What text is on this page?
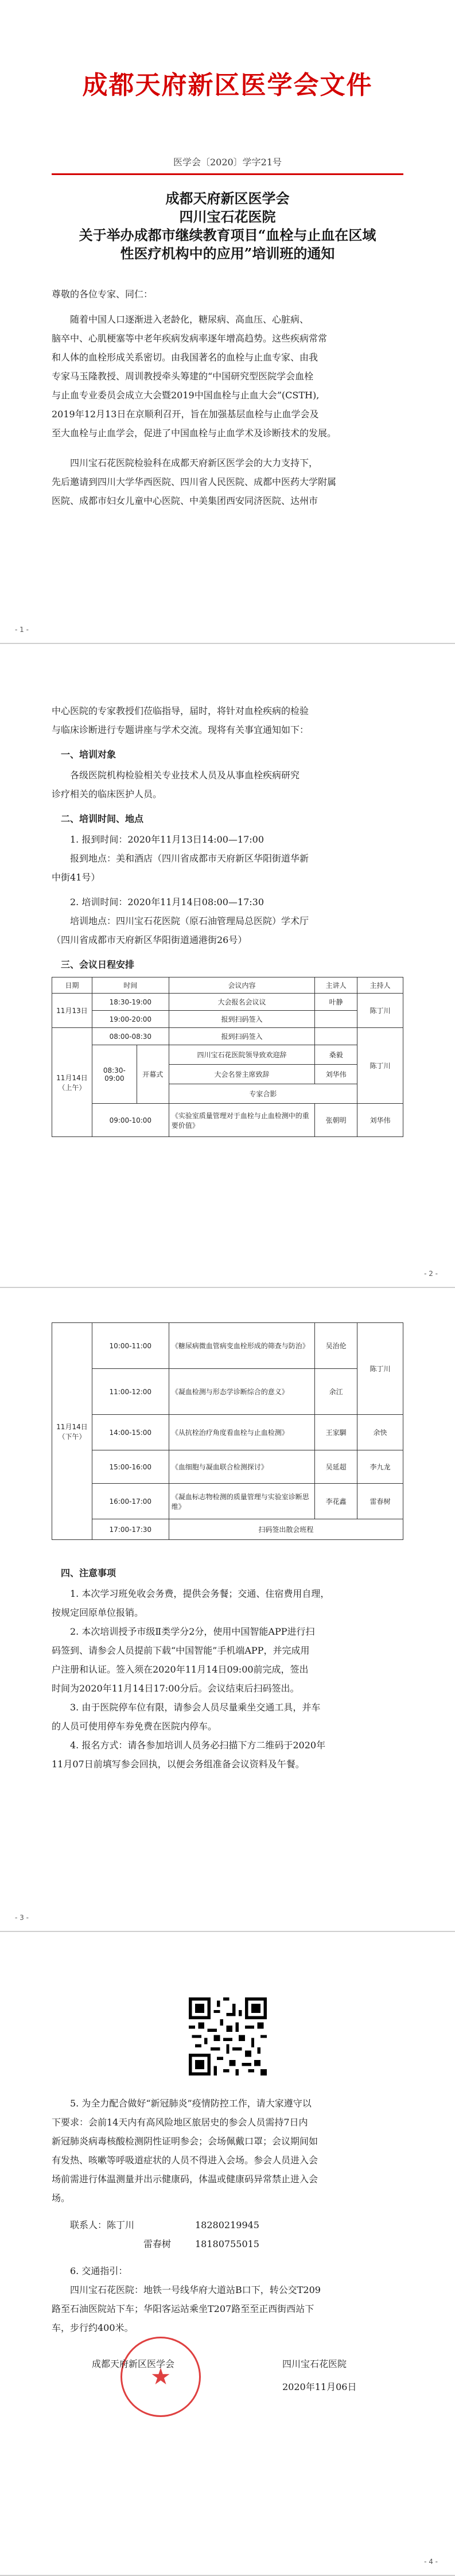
成都天府新区医学会文件
医学会〔2020〕学字21号
成都天府新区医学会
四川宝石花医院
关于举办成都市继续教育项目“血栓与止血在区域
性医疗机构中的应用”培训班的通知
尊敬的各位专家、同仁：
随着中国人口逐渐进入老龄化，糖尿病、高血压、心脏病、
脑卒中、心肌梗塞等中老年疾病发病率逐年增高趋势。这些疾病常常
和人体的血栓形成关系密切。由我国著名的血栓与止血专家、由我
专家马玉隆教授、周训教授牵头筹建的“中国研究型医院学会血栓
与止血专业委员会成立大会暨2019中国血栓与止血大会”(CSTH),
2019年12月13日在京顺利召开，旨在加强基层血栓与止血学会及
至大血栓与止血学会，促进了中国血栓与止血学术及诊断技术的发展。
四川宝石花医院检验科在成都天府新区医学会的大力支持下，
先后邀请到四川大学华西医院、四川省人民医院、成都中医药大学附属
医院、成都市妇女儿童中心医院、中美集团西安同济医院、达州市
- 1 -
中心医院的专家教授们莅临指导，届时，将针对血栓疾病的检验
与临床诊断进行专题讲座与学术交流。现将有关事宜通知如下：
一、培训对象
各级医院机构检验相关专业技术人员及从事血栓疾病研究
诊疗相关的临床医护人员。
二、培训时间、地点
1. 报到时间：2020年11月13日14:00—17:00
报到地点：美和酒店（四川省成都市天府新区华阳街道华新
中街41号）
2. 培训时间：2020年11月14日08:00—17:30
培训地点：四川宝石花医院（原石油管理局总医院）学术厅
（四川省成都市天府新区华阳街道通港街26号）
三、会议日程安排
日期	时间		会议内容	主讲人	主持人
11月13日	18:30-19:00		大会报名会议议	叶静	陈丁川
	19:00-20:00		报到扫码签入		
11月14日（上午）	08:00-08:30		报到扫码签入		陈丁川
	08:30-09:00	开幕式	四川宝石花医院领导致欢迎辞	桑毅	
			大会名誉主席致辞	刘华伟	
			专家合影		
	09:00-10:00		《实验室质量管理对于血栓与止血检测中的重要价值》	张朝明	刘华伟
- 2 -
11月14日（下午）	10:00-11:00	《糖尿病微血管病变血栓形成的筛查与防治》	吴治伦	陈丁川
	11:00-12:00	《凝血检测与形态学诊断综合的意义》	余江	
	14:00-15:00	《从抗栓治疗角度看血栓与止血检测》	王家騆	余快
	15:00-16:00	《血细胞与凝血联合检测探讨》	吴延超	李九龙
	16:00-17:00	《凝血标志物检测的质量管理与实验室诊断思维》	李花鑫	雷春树
	17:00-17:30	扫码签出散会班程		
四、注意事项
1. 本次学习班免收会务费，提供会务餐；交通、住宿费用自理，
按规定回原单位报销。
2. 本次培训授予市级Ⅱ类学分2分，使用中国智能APP进行扫
码签到、请参会人员提前下载“中国智能”手机端APP，并完成用
户注册和认证。签入须在2020年11月14日09:00前完成，签出
时间为2020年11月14日17:00分后。会议结束后扫码签出。
3. 由于医院停车位有限，请参会人员尽量乘坐交通工具，并车
的人员可使用停车券免费在医院内停车。
4. 报名方式：请各参加培训人员务必扫描下方二维码于2020年
11月07日前填写参会回执，以便会务组准备会议资料及午餐。
- 3 -
5. 为全力配合做好“新冠肺炎”疫情防控工作，请大家遵守以
下要求：会前14天内有高风险地区旅居史的参会人员需持7日内
新冠肺炎病毒核酸检测阴性证明参会；会场佩戴口罩；会议期间如
有发热、咳嗽等呼吸道症状的人员不得进入会场。参会人员进入会
场前需进行体温测量并出示健康码，体温或健康码异常禁止进入会
场。
联系人：陈丁川	18280219945
雷春树	18180755015
6. 交通指引：
四川宝石花医院：地铁一号线华府大道站B口下，转公交T209
路至石油医院站下车；华阳客运站乘坐T207路至至正西街西站下
车，步行约400米。
★
成都天府新区医学会	四川宝石花医院
2020年11月06日
- 4 -
